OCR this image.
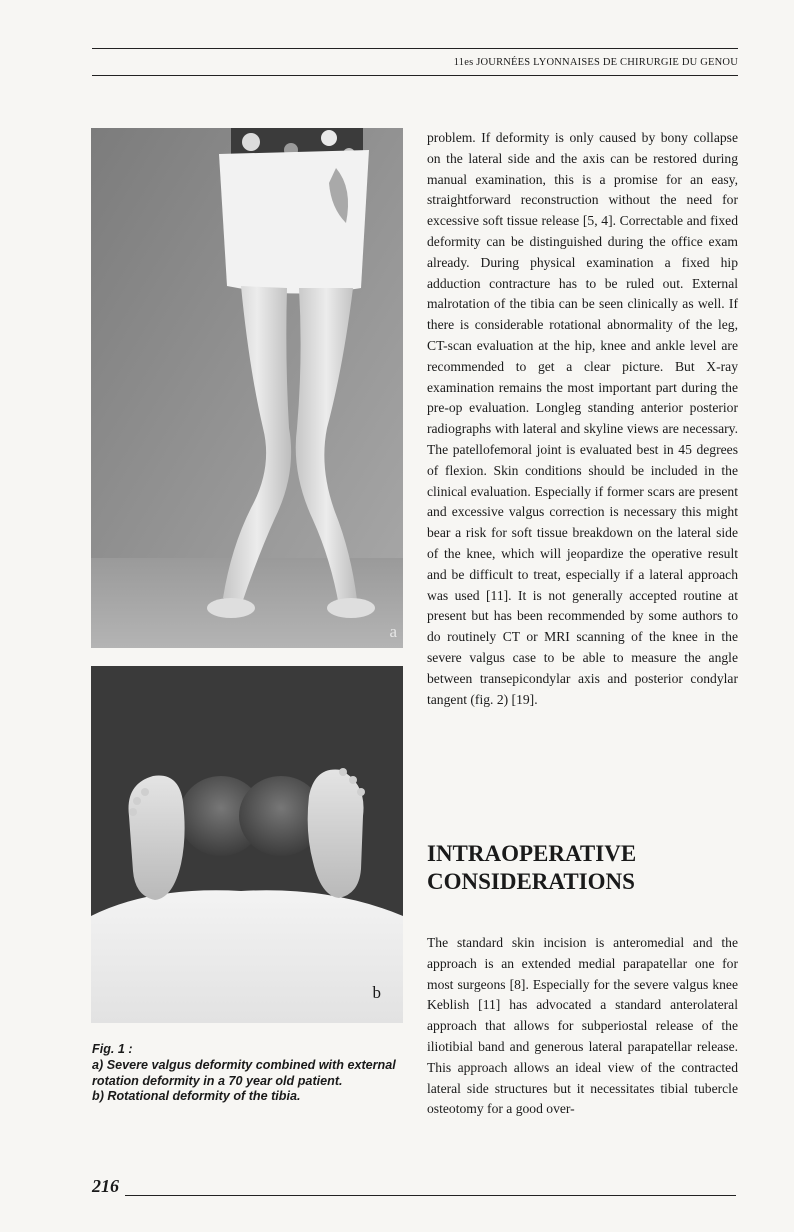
11es JOURNÉES LYONNAISES DE CHIRURGIE DU GENOU
a
b

Fig. 1 :

a) Severe valgus deformity combined with external rotation deformity in a 70 year old patient.

b) Rotational deformity of the tibia.

problem. If deformity is only caused by bony collapse on the lateral side and the axis can be restored during manual examination, this is a promise for an easy, straightforward reconstruction without the need for excessive soft tissue release [5, 4]. Correctable and fixed deformity can be distinguished during the office exam already. During physical examination a fixed hip adduction contracture has to be ruled out. External malrotation of the tibia can be seen clinically as well. If there is considerable rotational abnormality of the leg, CT-scan evaluation at the hip, knee and ankle level are recommended to get a clear picture. But X-ray examination remains the most important part during the pre-op evaluation. Longleg standing anterior posterior radiographs with lateral and skyline views are necessary. The patellofemoral joint is evaluated best in 45 degrees of flexion. Skin conditions should be included in the clinical evaluation. Especially if former scars are present and excessive valgus correction is necessary this might bear a risk for soft tissue breakdown on the lateral side of the knee, which will jeopardize the operative result and be difficult to treat, especially if a lateral approach was used [11]. It is not generally accepted routine at present but has been recommended by some authors to do routinely CT or MRI scanning of the knee in the severe valgus case to be able to measure the angle between transepicondylar axis and posterior condylar tangent (fig. 2) [19].

INTRAOPERATIVE CONSIDERATIONS

The standard skin incision is anteromedial and the approach is an extended medial parapatellar one for most surgeons [8]. Especially for the severe valgus knee Keblish [11] has advocated a standard anterolateral approach that allows for subperiostal release of the iliotibial band and generous lateral parapatellar release. This approach allows an ideal view of the contracted lateral side structures but it necessitates tibial tubercle osteotomy for a good over-

216
